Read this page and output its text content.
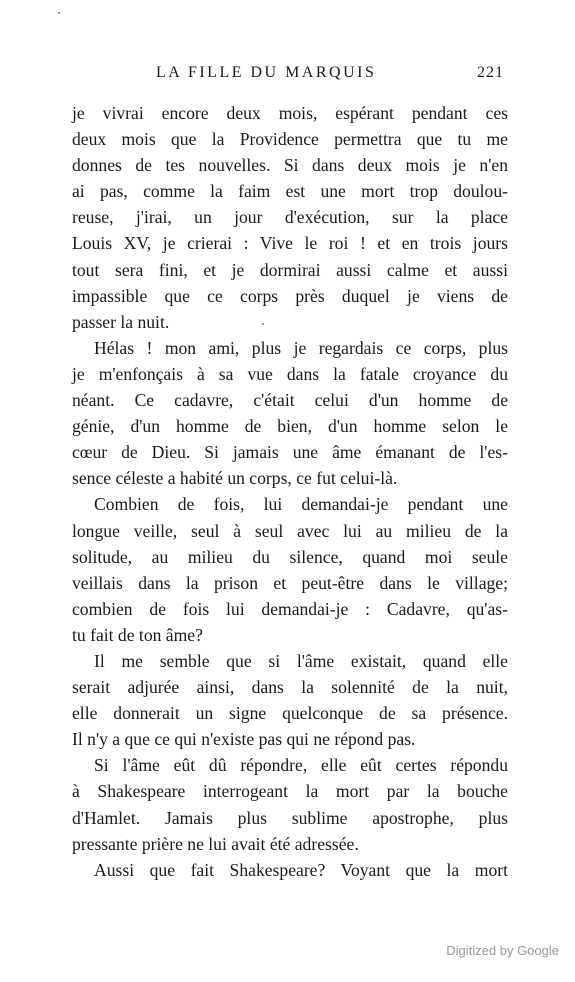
LA FILLE DU MARQUIS	221
je vivrai encore deux mois, espérant pendant ces
deux mois que la Providence permettra que tu me
donnes de tes nouvelles. Si dans deux mois je n'en
ai pas, comme la faim est une mort trop doulou-
reuse, j'irai, un jour d'exécution, sur la place
Louis XV, je crierai : Vive le roi ! et en trois jours
tout sera fini, et je dormirai aussi calme et aussi
impassible que ce corps près duquel je viens de
passer la nuit.
Hélas ! mon ami, plus je regardais ce corps, plus
je m'enfonçais à sa vue dans la fatale croyance du
néant. Ce cadavre, c'était celui d'un homme de
génie, d'un homme de bien, d'un homme selon le
cœur de Dieu. Si jamais une âme émanant de l'es-
sence céleste a habité un corps, ce fut celui-là.
Combien de fois, lui demandai-je pendant une
longue veille, seul à seul avec lui au milieu de la
solitude, au milieu du silence, quand moi seule
veillais dans la prison et peut-être dans le village;
combien de fois lui demandai-je : Cadavre, qu'as-
tu fait de ton âme?
Il me semble que si l'âme existait, quand elle
serait adjurée ainsi, dans la solennité de la nuit,
elle donnerait un signe quelconque de sa présence.
Il n'y a que ce qui n'existe pas qui ne répond pas.
Si l'âme eût dû répondre, elle eût certes répondu
à Shakespeare interrogeant la mort par la bouche
d'Hamlet. Jamais plus sublime apostrophe, plus
pressante prière ne lui avait été adressée.
Aussi que fait Shakespeare? Voyant que la mort
Digitized by Google
